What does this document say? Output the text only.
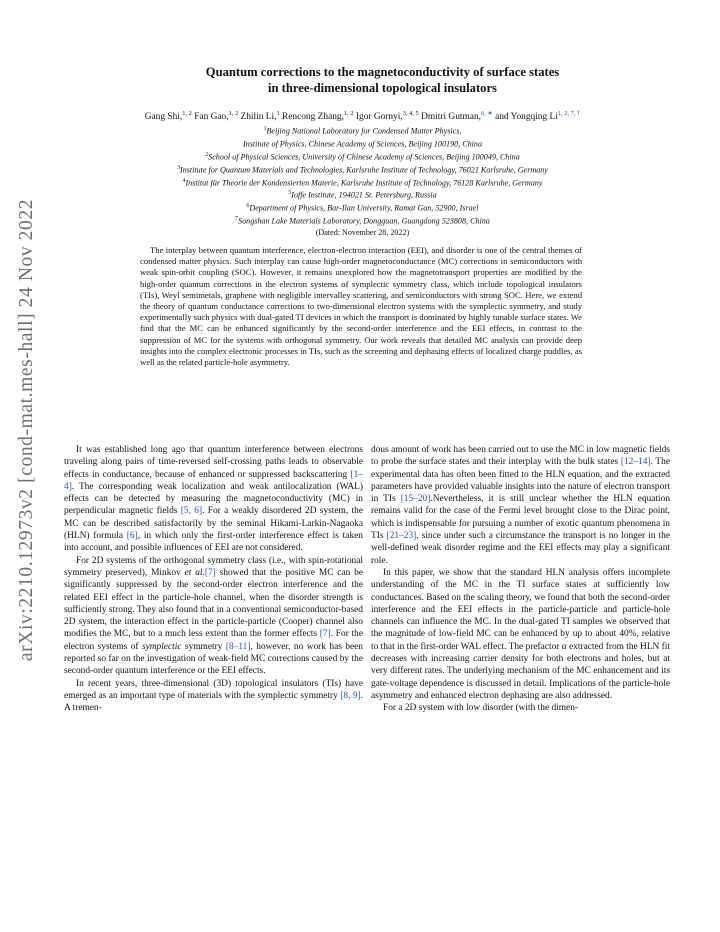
arXiv:2210.12973v2 [cond-mat.mes-hall] 24 Nov 2022
Quantum corrections to the magnetoconductivity of surface states
in three-dimensional topological insulators
Gang Shi,$^{1, 2}$ Fan Gao,$^{1, 2}$ Zhilin Li,$^1$ Rencong Zhang,$^{1, 2}$ Igor Gornyi,$^{3, 4, 5}$ Dmitri Gutman,$^{6, ∗}$ and Yongqing $Li^{1, 2, 7, \dagger}$
$^1$Beijing National Laboratory for Condensed Matter Physics,
Institute of Physics, Chinese Academy of Sciences, Beijing 100190, China
$^2$School of Physical Sciences, University of Chinese Academy of Sciences, Beijing 100049, China
$^3$Institute for Quantum Materials and Technologies, Karlsruhe Institute of Technology, 76021 Karlsruhe, Germany
$^4$Institut für Theorie der Kondensierten Materie, Karlsruhe Institute of Technology, 76128 Karlsruhe, Germany
$^5$Ioffe Institute, 194021 St. Petersburg, Russia
$^6$Department of Physics, Bar-Ilan University, Ramat Gan, 52900, Israel
$^7$Songshan Lake Materials Laboratory, Dongguan, Guangdong 523808, China
(Dated: November 28, 2022)
The interplay between quantum interference, electron-electron interaction (EEI), and disorder is one of the central themes of condensed matter physics. Such interplay can cause high-order magnetoconductance (MC) corrections in semiconductors with weak spin-orbit coupling (SOC). However, it remains unexplored how the magnetotransport properties are modified by the high-order quantum corrections in the electron systems of symplectic symmetry class, which include topological insulators (TIs), Weyl semimetals, graphene with negligible intervalley scattering, and semiconductors with strong SOC. Here, we extend the theory of quantum conductance corrections to two-dimensional electron systems with the symplectic symmetry, and study experimentally such physics with dual-gated TI devices in which the transport is dominated by highly tunable surface states. We find that the MC can be enhanced significantly by the second-order interference and the EEI effects, in contrast to the suppression of MC for the systems with orthogonal symmetry. Our work reveals that detailed MC analysis can provide deep insights into the complex electronic processes in TIs, such as the screening and dephasing effects of localized charge puddles, as well as the related particle-hole asymmetry.

It was established long ago that quantum interference between electrons traveling along pairs of time-reversed self-crossing paths leads to observable effects in conductance, because of enhanced or suppressed backscattering [1–4]. The corresponding weak localization and weak antilocalization (WAL) effects can be detected by measuring the magnetoconductivity (MC) in perpendicular magnetic fields [5, 6]. For a weakly disordered 2D system, the MC can be described satisfactorily by the seminal Hikami-Larkin-Nagaoka (HLN) formula [6], in which only the first-order interference effect is taken into account, and possible influences of EEI are not considered.

For 2D systems of the orthogonal symmetry class (i.e., with spin-rotational symmetry preserved), Minkov et al.[7] showed that the positive MC can be significantly suppressed by the second-order electron interference and the related EEI effect in the particle-hole channel, when the disorder strength is sufficiently strong. They also found that in a conventional semiconductor-based 2D system, the interaction effect in the particle-particle (Cooper) channel also modifies the MC, but to a much less extent than the former effects [7]. For the electron systems of symplectic symmetry [8–11], however, no work has been reported so far on the investigation of weak-field MC corrections caused by the second-order quantum interference or the EEI effects.

In recent years, three-dimensional (3D) topological insulators (TIs) have emerged as an important type of materials with the symplectic symmetry [8, 9]. A tremen-

dous amount of work has been carried out to use the MC in low magnetic fields to probe the surface states and their interplay with the bulk states [12–14]. The experimental data has often been fitted to the HLN equation, and the extracted parameters have provided valuable insights into the nature of electron transport in TIs [15–20].Nevertheless, it is still unclear whether the HLN equation remains valid for the case of the Fermi level brought close to the Dirac point, which is indispensable for pursuing a number of exotic quantum phenomena in TIs [21–23], since under such a circumstance the transport is no longer in the well-defined weak disorder regime and the EEI effects may play a significant role.

In this paper, we show that the standard HLN analysis offers incomplete understanding of the MC in the TI surface states at sufficiently low conductances. Based on the scaling theory, we found that both the second-order interference and the EEI effects in the particle-particle and particle-hole channels can influence the MC. In the dual-gated TI samples we observed that the magnitude of low-field MC can be enhanced by up to about 40%, relative to that in the first-order WAL effect. The prefactor α extracted from the HLN fit decreases with increasing carrier density for both electrons and holes, but at very different rates. The underlying mechanism of the MC enhancement and its gate-voltage dependence is discussed in detail. Implications of the particle-hole asymmetry and enhanced electron dephasing are also addressed.

For a 2D system with low disorder (with the dimen-
